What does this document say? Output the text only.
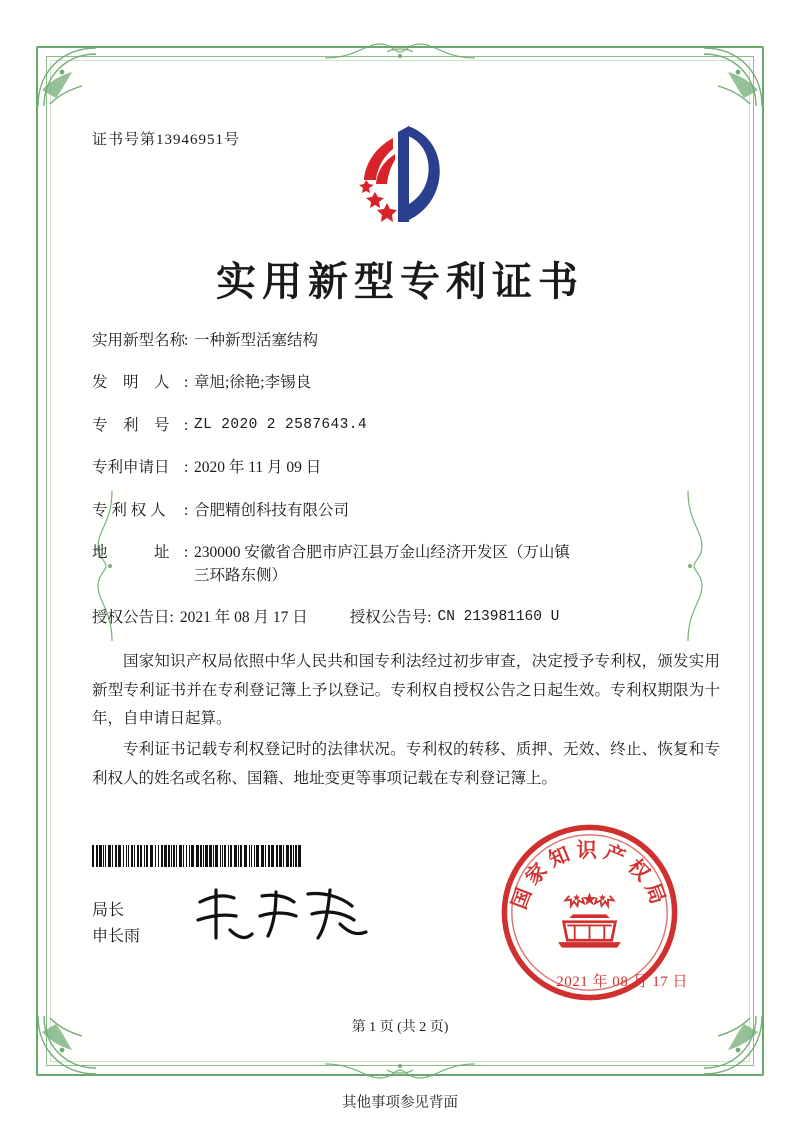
证书号第13946951号
实用新型专利证书
实用新型名称
: 一种新型活塞结构
发　明　人 : 章旭;徐艳;李锡良
专　利　号 : ZL 2020 2 2587643.4
专利申请日 : 2020 年 11 月 09 日
专 利 权 人	: 合肥精创科技有限公司
地　　　址 : 230000 安徽省合肥市庐江县万金山经济开发区（万山镇
三环路东侧）
授权公告日 : 2021 年 08 月 17 日	授权公告号 : CN 213981160 U

国家知识产权局依照中华人民共和国专利法经过初步审查，决定授予专利权，颁发实用新型专利证书并在专利登记簿上予以登记。专利权自授权公告之日起生效。专利权期限为十年，自申请日起算。

专利证书记载专利权登记时的法律状况。专利权的转移、质押、无效、终止、恢复和专利权人的姓名或名称、国籍、地址变更等事项记载在专利登记簿上。

局长
申长雨
国家知识产权局
2021 年 08 月 17 日
第 1 页 (共 2 页)
其他事项参见背面
